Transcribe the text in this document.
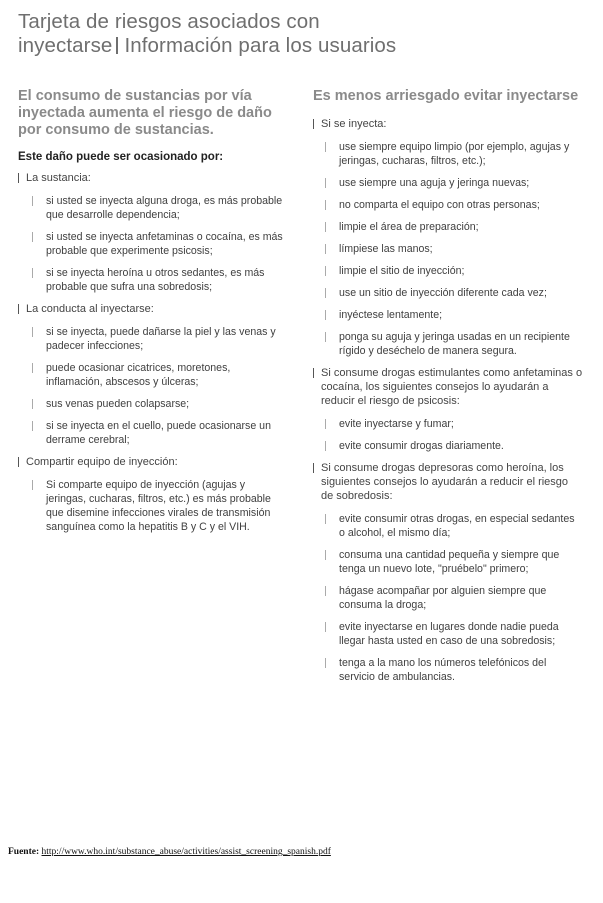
Tarjeta de riesgos asociados con
inyectarse Información para los usuarios
El consumo de sustancias por vía inyectada aumenta el riesgo de daño por consumo de sustancias.
Este daño puede ser ocasionado por:
La sustancia:
si usted se inyecta alguna droga, es más probable que desarrolle dependencia;
si usted se inyecta anfetaminas o cocaína, es más probable que experimente psicosis;
si se inyecta heroína u otros sedantes, es más probable que sufra una sobredosis;
La conducta al inyectarse:
si se inyecta, puede dañarse la piel y las venas y padecer infecciones;
puede ocasionar cicatrices, moretones, inflamación, abscesos y úlceras;
sus venas pueden colapsarse;
si se inyecta en el cuello, puede ocasionarse un derrame cerebral;
Compartir equipo de inyección:
Si comparte equipo de inyección (agujas y jeringas, cucharas, filtros, etc.) es más probable que disemine infecciones virales de transmisión sanguínea como la hepatitis B y C y el VIH.
Es menos arriesgado evitar inyectarse
Si se inyecta:
use siempre equipo limpio (por ejemplo, agujas y jeringas, cucharas, filtros, etc.);
use siempre una aguja y jeringa nuevas;
no comparta el equipo con otras personas;
limpie el área de preparación;
límpiese las manos;
limpie el sitio de inyección;
use un sitio de inyección diferente cada vez;
inyéctese lentamente;
ponga su aguja y jeringa usadas en un recipiente rígido y deséchelo de manera segura.
Si consume drogas estimulantes como anfetaminas o cocaína, los siguientes consejos lo ayudarán a reducir el riesgo de psicosis:
evite inyectarse y fumar;
evite consumir drogas diariamente.
Si consume drogas depresoras como heroína, los siguientes consejos lo ayudarán a reducir el riesgo de sobredosis:
evite consumir otras drogas, en especial sedantes o alcohol, el mismo día;
consuma una cantidad pequeña y siempre que tenga un nuevo lote, "pruébelo" primero;
hágase acompañar por alguien siempre que consuma la droga;
evite inyectarse en lugares donde nadie pueda llegar hasta usted en caso de una sobredosis;
tenga a la mano los números telefónicos del servicio de ambulancias.
Fuente: http://www.who.int/substance_abuse/activities/assist_screening_spanish.pdf
